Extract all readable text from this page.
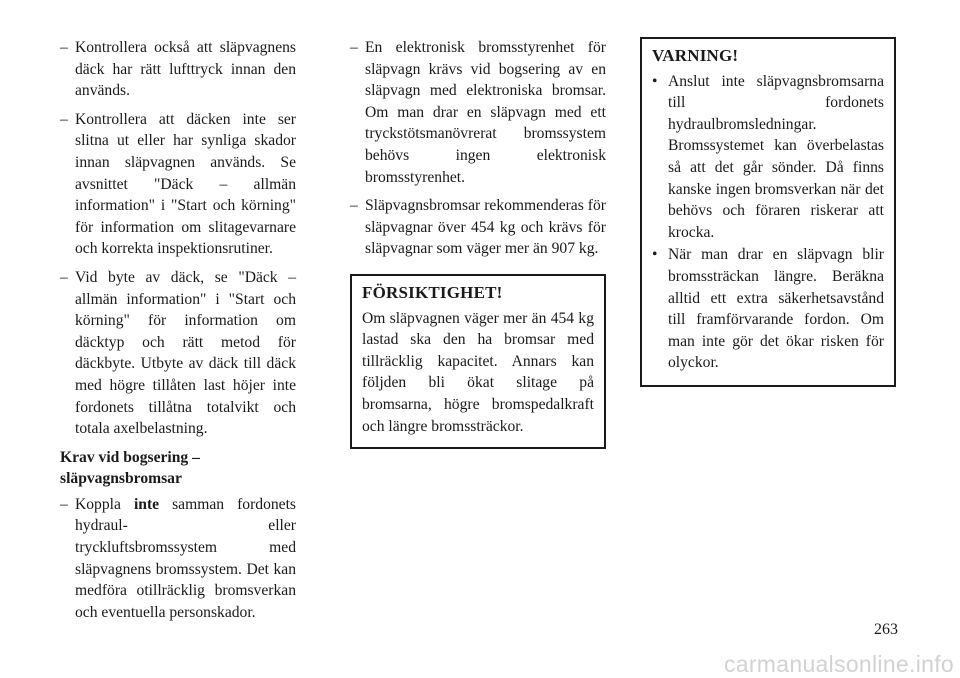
– Kontrollera också att släpvagnens däck har rätt lufttryck innan den används.
– Kontrollera att däcken inte ser slitna ut eller har synliga skador innan släpvagnen används. Se avsnittet "Däck – allmän information" i "Start och körning" för information om slitagevarnare och korrekta inspektionsrutiner.
– Vid byte av däck, se "Däck – allmän information" i "Start och körning" för information om däcktyp och rätt metod för däckbyte. Utbyte av däck till däck med högre tillåten last höjer inte fordonets tillåtna totalvikt och totala axelbelastning.
Krav vid bogsering – släpvagnsbromsar
– Koppla inte samman fordonets hydraul- eller tryckluftsbromssystem med släpvagnens bromssystem. Det kan medföra otillräcklig bromsverkan och eventuella personskador.
– En elektronisk bromsstyrenhet för släpvagn krävs vid bogsering av en släpvagn med elektroniska bromsar. Om man drar en släpvagn med ett tryckstötsmanövrerat bromssystem behövs ingen elektronisk bromsstyrenhet.
– Släpvagnsbromsar rekommenderas för släpvagnar över 454 kg och krävs för släpvagnar som väger mer än 907 kg.
FÖRSIKTIGHET!

Om släpvagnen väger mer än 454 kg lastad ska den ha bromsar med tillräcklig kapacitet. Annars kan följden bli ökat slitage på bromsarna, högre bromspedalkraft och längre bromssträckor.

VARNING!
• Anslut inte släpvagnsbromsarna till fordonets hydraulbromsledningar. Bromssystemet kan överbelastas så att det går sönder. Då finns kanske ingen bromsverkan när det behövs och föraren riskerar att krocka.
• När man drar en släpvagn blir bromssträckan längre. Beräkna alltid ett extra säkerhetsavstånd till framförvarande fordon. Om man inte gör det ökar risken för olyckor.
263
carmanualsonline.info
